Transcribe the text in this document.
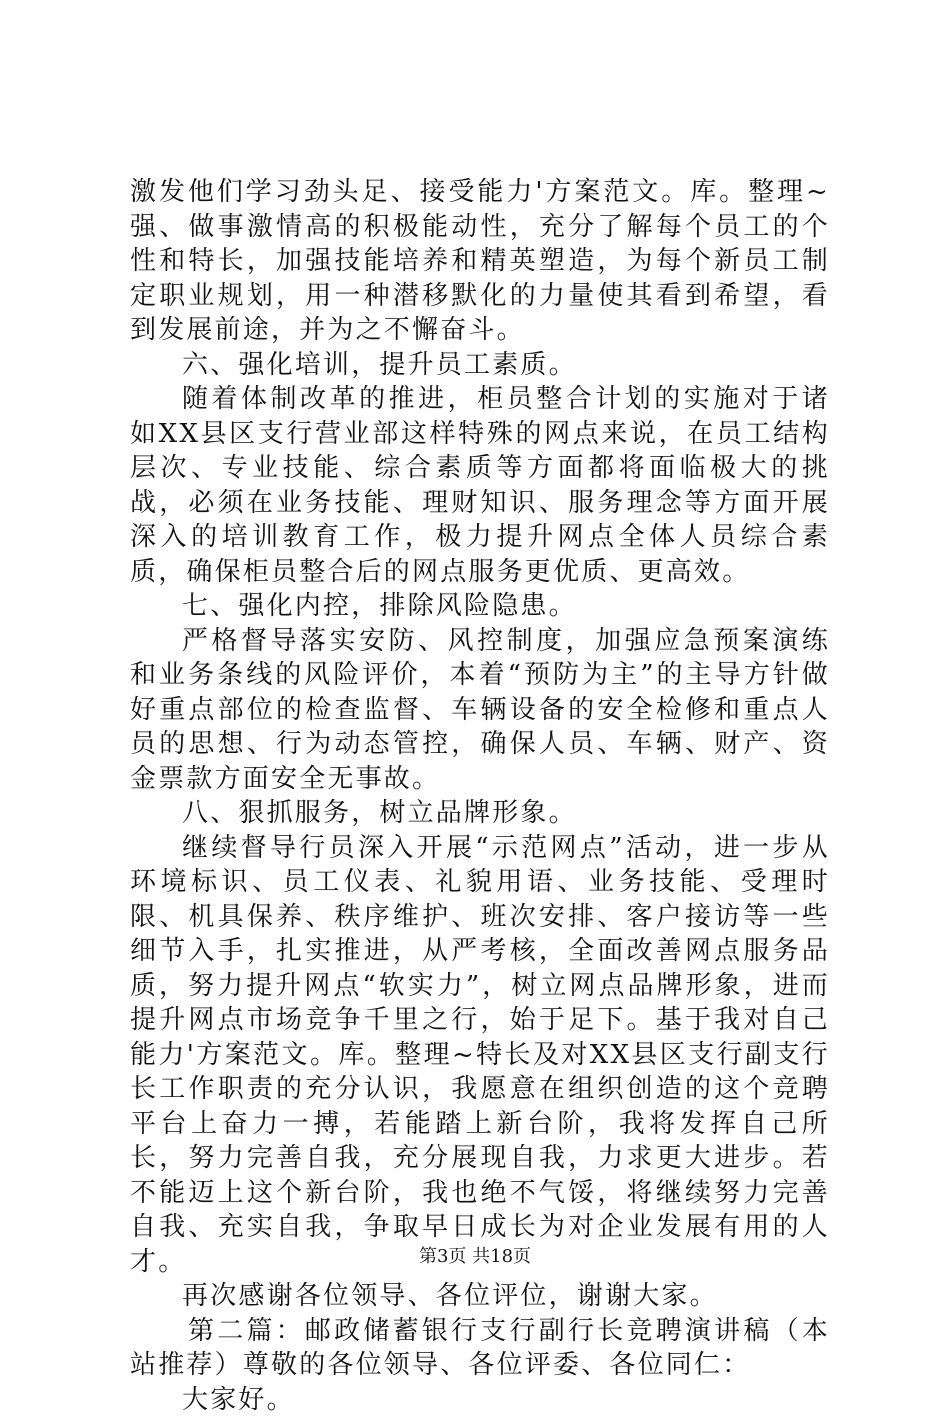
激发他们学习劲头足、接受能力'方案范文。库。整理~强、做事激情高的积极能动性，充分了解每个员工的个性和特长，加强技能培养和精英塑造，为每个新员工制定职业规划，用一种潜移默化的力量使其看到希望，看到发展前途，并为之不懈奋斗。

六、强化培训，提升员工素质。

随着体制改革的推进，柜员整合计划的实施对于诸如XX县区支行营业部这样特殊的网点来说，在员工结构层次、专业技能、综合素质等方面都将面临极大的挑战，必须在业务技能、理财知识、服务理念等方面开展深入的培训教育工作，极力提升网点全体人员综合素质，确保柜员整合后的网点服务更优质、更高效。

七、强化内控，排除风险隐患。

严格督导落实安防、风控制度，加强应急预案演练和业务条线的风险评价，本着“预防为主”的主导方针做好重点部位的检查监督、车辆设备的安全检修和重点人员的思想、行为动态管控，确保人员、车辆、财产、资金票款方面安全无事故。

八、狠抓服务，树立品牌形象。

继续督导行员深入开展“示范网点”活动，进一步从环境标识、员工仪表、礼貌用语、业务技能、受理时限、机具保养、秩序维护、班次安排、客户接访等一些细节入手，扎实推进，从严考核，全面改善网点服务品质，努力提升网点“软实力”，树立网点品牌形象，进而提升网点市场竞争千里之行，始于足下。基于我对自己能力'方案范文。库。整理~特长及对XX县区支行副支行长工作职责的充分认识，我愿意在组织创造的这个竞聘平台上奋力一搏，若能踏上新台阶，我将发挥自己所长，努力完善自我，充分展现自我，力求更大进步。若不能迈上这个新台阶，我也绝不气馁，将继续努力完善自我、充实自我，争取早日成长为对企业发展有用的人才。

再次感谢各位领导、各位评位，谢谢大家。

第二篇：邮政储蓄银行支行副行长竞聘演讲稿（本站推荐）尊敬的各位领导、各位评委、各位同仁：

大家好。

第3页 共18页
